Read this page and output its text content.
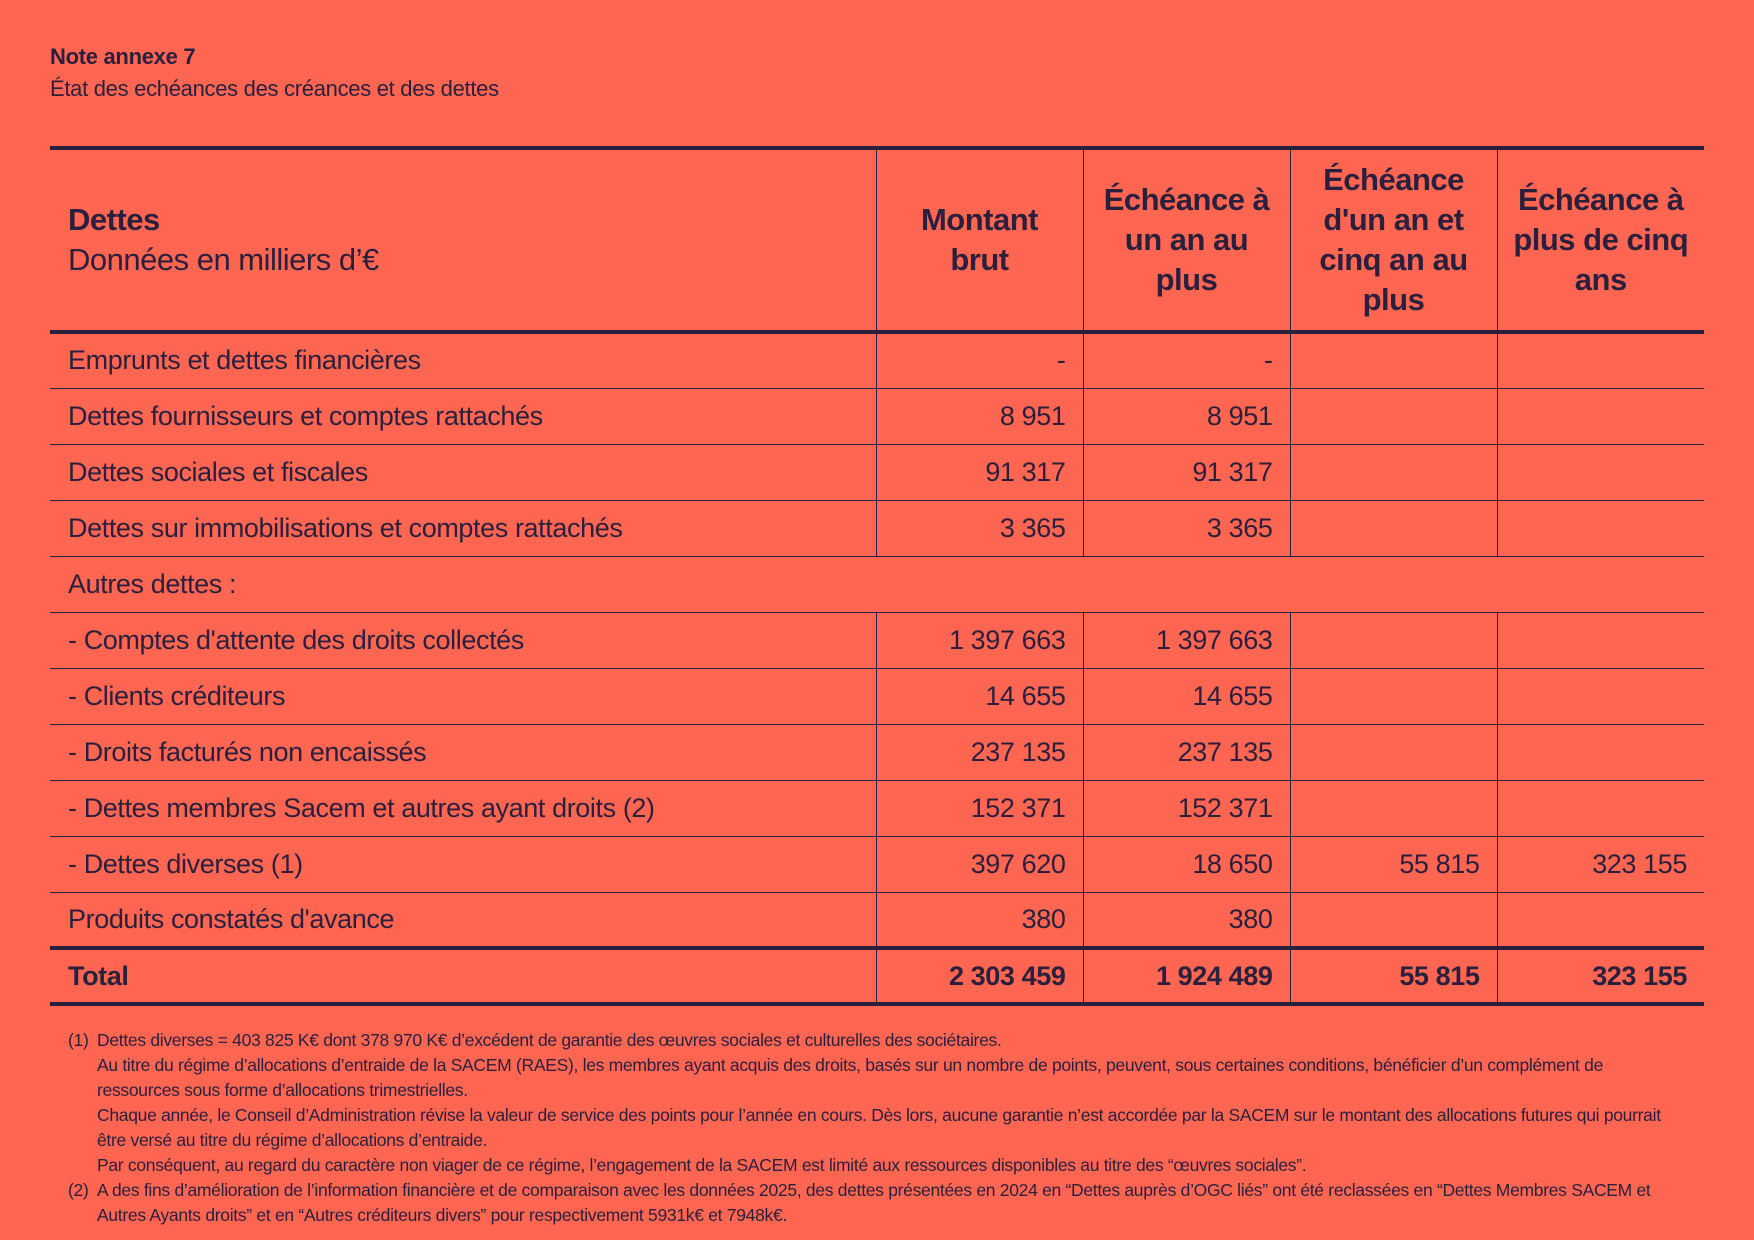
Note annexe 7
État des echéances des créances et des dettes
Dettes
Données en milliers d’€	Montant brut	Échéance à un an au plus	Échéance d'un an et cinq an au plus	Échéance à plus de cinq ans
Emprunts et dettes financières	-	-		
Dettes fournisseurs et comptes rattachés	8 951	8 951		
Dettes sociales et fiscales	91 317	91 317		
Dettes sur immobilisations et comptes rattachés	3 365	3 365		
Autres dettes :				
- Comptes d'attente des droits collectés	1 397 663	1 397 663		
- Clients créditeurs	14 655	14 655		
- Droits facturés non encaissés	237 135	237 135		
- Dettes membres Sacem et autres ayant droits (2)	152 371	152 371		
- Dettes diverses (1)	397 620	18 650	55 815	323 155
Produits constatés d'avance	380	380		
Total	2 303 459	1 924 489	55 815	323 155
(1) Dettes diverses = 403 825 K€ dont 378 970 K€ d’excédent de garantie des œuvres sociales et culturelles des sociétaires.

Au titre du régime d’allocations d’entraide de la SACEM (RAES), les membres ayant acquis des droits, basés sur un nombre de points, peuvent, sous certaines conditions, bénéficier d’un complément de ressources sous forme d’allocations trimestrielles.

Chaque année, le Conseil d’Administration révise la valeur de service des points pour l’année en cours. Dès lors, aucune garantie n’est accordée par la SACEM sur le montant des allocations futures qui pourrait être versé au titre du régime d’allocations d’entraide.

Par conséquent, au regard du caractère non viager de ce régime, l’engagement de la SACEM est limité aux ressources disponibles au titre des “œuvres sociales”.

(2) A des fins d’amélioration de l’information financière et de comparaison avec les données 2025, des dettes présentées en 2024 en “Dettes auprès d’OGC liés” ont été reclassées en “Dettes Membres SACEM et Autres Ayants droits” et en “Autres créditeurs divers” pour respectivement 5931k€ et 7948k€.
